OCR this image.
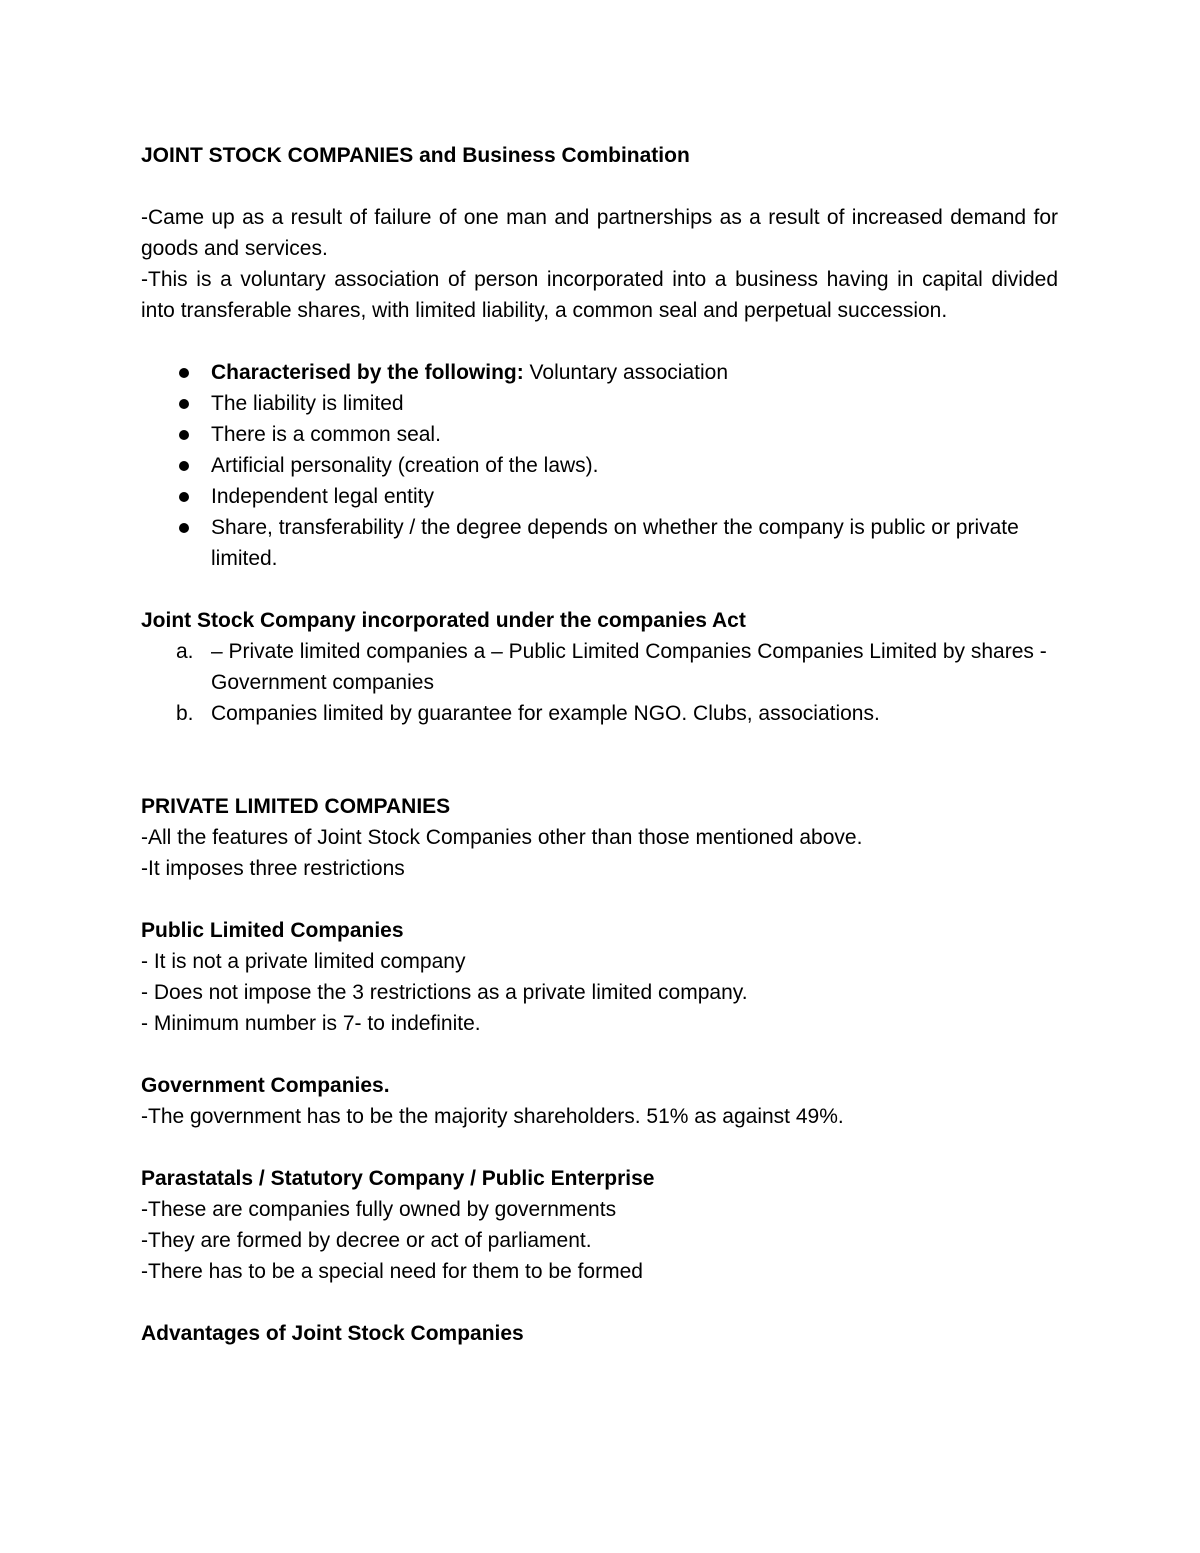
JOINT STOCK COMPANIES and Business Combination

-Came up as a result of failure of one man and partnerships as a result of increased demand for goods and services.

-This is a voluntary association of person incorporated into a business having in capital divided into transferable shares, with limited liability, a common seal and perpetual succession.

Characterised by the following: Voluntary association
The liability is limited
There is a common seal.
Artificial personality (creation of the laws).
Independent legal entity
Share, transferability / the degree depends on whether the company is public or private limited.

Joint Stock Company incorporated under the companies Act

a. – Private limited companies a – Public Limited Companies Companies Limited by shares - Government companies
b. Companies limited by guarantee for example NGO. Clubs, associations.

PRIVATE LIMITED COMPANIES

-All the features of Joint Stock Companies other than those mentioned above.

-It imposes three restrictions

Public Limited Companies

- It is not a private limited company

- Does not impose the 3 restrictions as a private limited company.

- Minimum number is 7- to indefinite.

Government Companies.

-The government has to be the majority shareholders. 51% as against 49%.

Parastatals / Statutory Company / Public Enterprise

-These are companies fully owned by governments

-They are formed by decree or act of parliament.

-There has to be a special need for them to be formed

Advantages of Joint Stock Companies
